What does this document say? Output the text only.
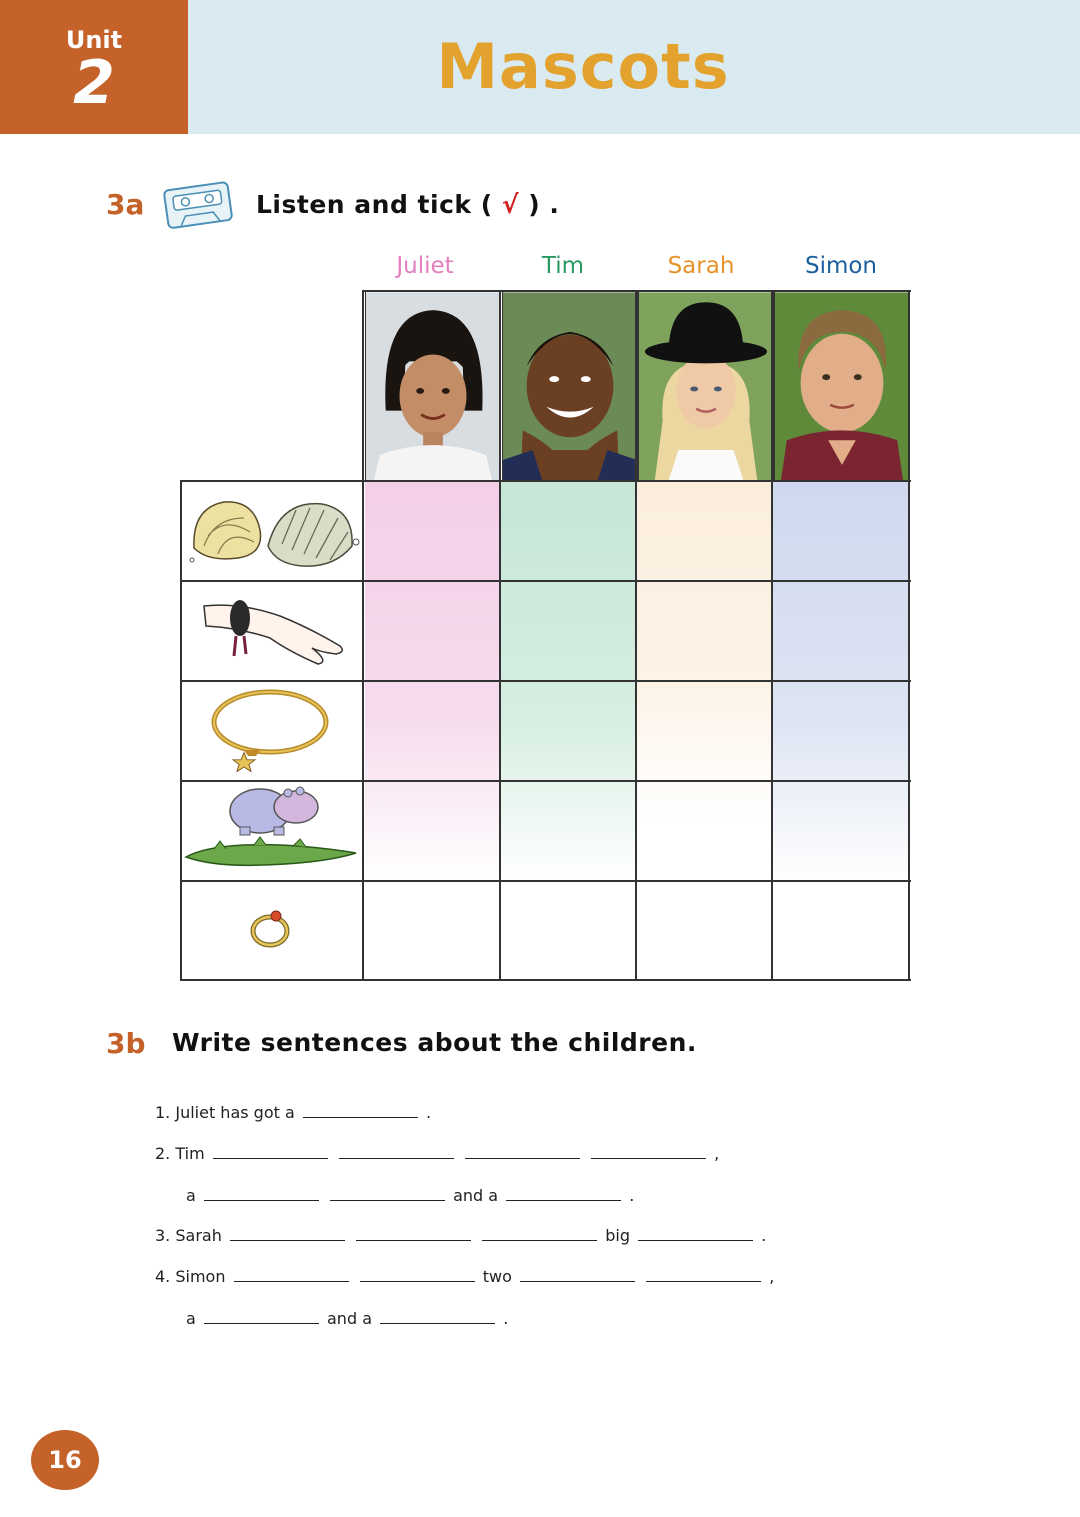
Unit
2	Mascots
3a	Listen and tick ( √ ) .
Juliet	Tim	Sarah	Simon
3b Write sentences about the children.
1. Juliet has got a	.
2. Tim	,
a	and a	.
3. Sarah	big	.
4. Simon	two	,
a	and a	.
16
